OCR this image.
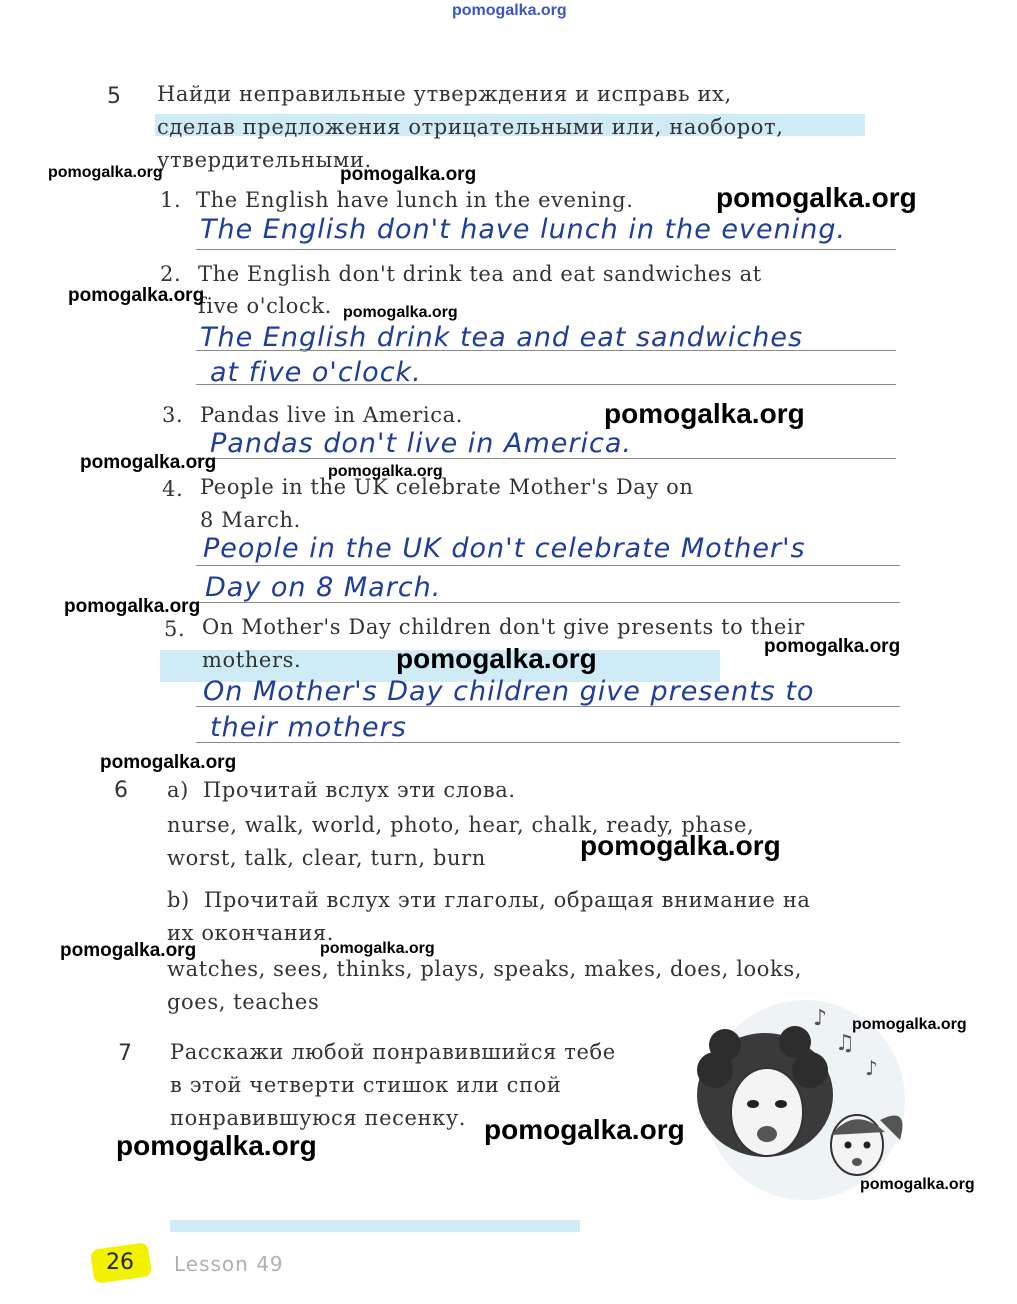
pomogalka.org
5 Найди неправильные утверждения и исправь их,
сделав предложения отрицательными или, наоборот,
утвердительными.
1. The English have lunch in the evening.
The English don't have lunch in the evening.
2. The English don't drink tea and eat sandwiches at
five o'clock.
The English drink tea and eat sandwiches
at five o'clock.
3. Pandas live in America.
Pandas don't live in America.
4. People in the UK celebrate Mother's Day on
8 March.
People in the UK don't celebrate Mother's
Day on 8 March.
5. On Mother's Day children don't give presents to their
mothers.
On Mother's Day children give presents to
their mothers
6 a) Прочитай вслух эти слова.
nurse, walk, world, photo, hear, chalk, ready, phase,
worst, talk, clear, turn, burn
b) Прочитай вслух эти глаголы, обращая внимание на
их окончания.
watches, sees, thinks, plays, speaks, makes, does, looks,
goes, teaches
7 Расскажи любой понравившийся тебе
в этой четверти стишок или спой
понравившуюся песенку.
♪
♫
♪
26 Lesson 49
pomogalka.org	pomogalka.org
pomogalka.org
pomogalka.org
pomogalka.org
pomogalka.org
pomogalka.org	pomogalka.org
pomogalka.org
pomogalka.org
pomogalka.org
pomogalka.org
pomogalka.org
pomogalka.org	pomogalka.org
pomogalka.org
pomogalka.org
pomogalka.org
pomogalka.org
